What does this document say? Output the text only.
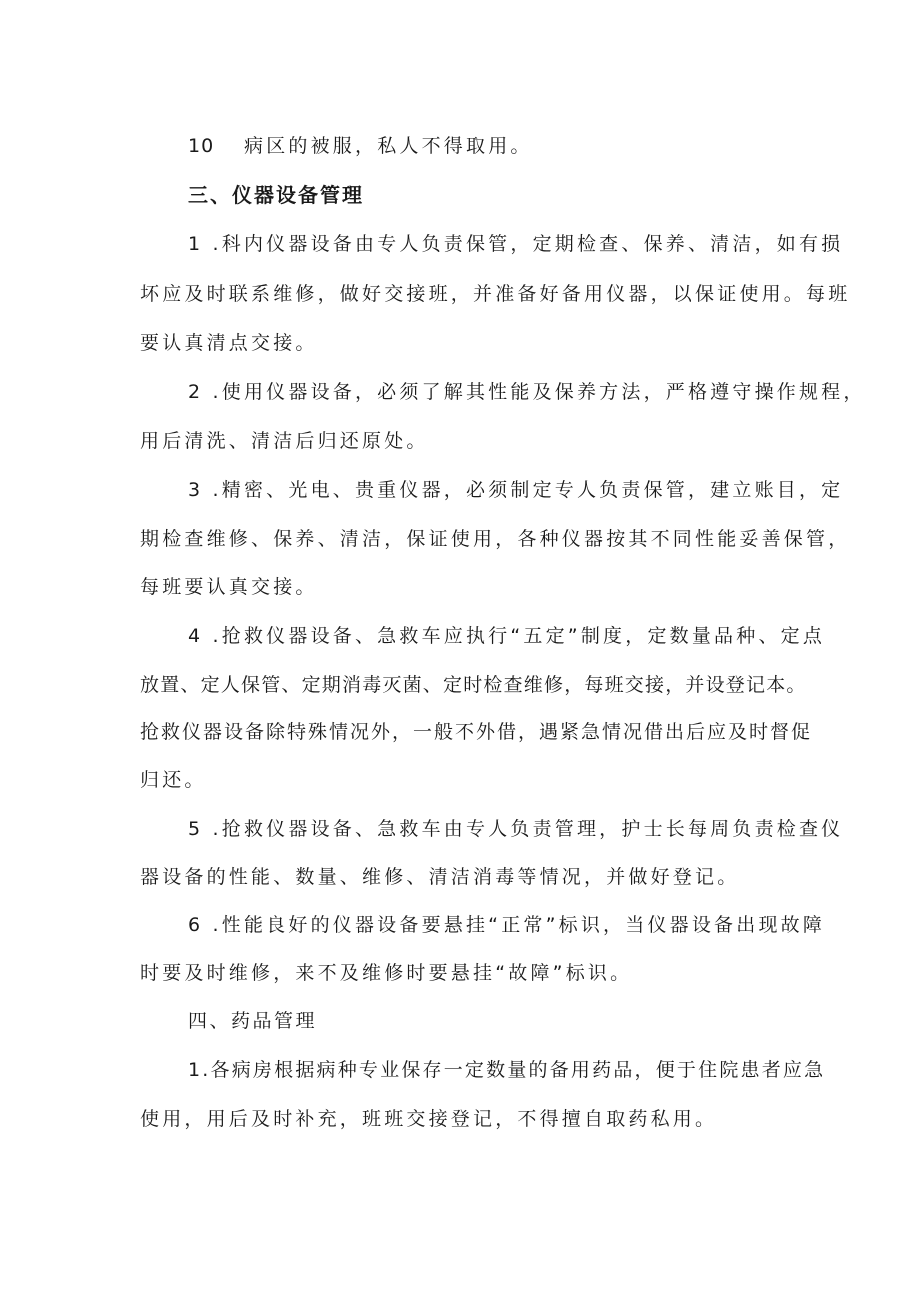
10 病区的被服，私人不得取用。
三、仪器设备管理
1 .科内仪器设备由专人负责保管，定期检查、保养、清洁，如有损
坏应及时联系维修，做好交接班，并准备好备用仪器，以保证使用。每班
要认真清点交接。
2 .使用仪器设备，必须了解其性能及保养方法，严格遵守操作规程，
用后清洗、清洁后归还原处。
3 .精密、光电、贵重仪器，必须制定专人负责保管，建立账目，定
期检查维修、保养、清洁，保证使用，各种仪器按其不同性能妥善保管，
每班要认真交接。
4 .抢救仪器设备、急救车应执行“五定”制度，定数量品种、定点
放置、定人保管、定期消毒灭菌、定时检查维修，每班交接，并设登记本。
抢救仪器设备除特殊情况外，一般不外借，遇紧急情况借出后应及时督促
归还。
5 .抢救仪器设备、急救车由专人负责管理，护士长每周负责检查仪
器设备的性能、数量、维修、清洁消毒等情况，并做好登记。
6 .性能良好的仪器设备要悬挂“正常”标识，当仪器设备出现故障
时要及时维修，来不及维修时要悬挂“故障”标识。
四、药品管理
1.各病房根据病种专业保存一定数量的备用药品，便于住院患者应急
使用，用后及时补充，班班交接登记，不得擅自取药私用。
